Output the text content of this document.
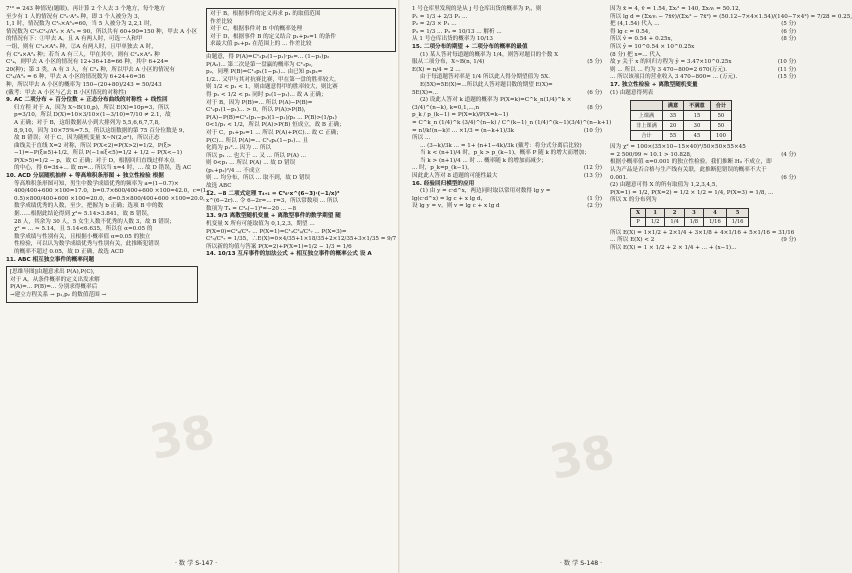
7¹⁰ = 243 种情况(题眼)，再计算 2 个人去 3 个地方，每个地方
至少有 1 人的情况有 C²₅·A³₃ 种，即 3 个人被分为 3,
1,1 时，情况数为 C³₅×A³₃=60，当 5 人被分为 2,2,1 时，
情况数为 C²₅C²₃/A²₂ × A³₃ = 90，所以共有 60+90=150 种，甲去 A 小区
的情况有下：①甲去 A，且 A 有两人时，可选一人和甲
一组，则有 C¹₄×A³₃ 种，②A 有两人时，且甲单独去 A 时，
有 C²₄×A²₂ 种；若当 A 有三人，甲在其中，则有 C²₄×A²₂ 种
C¹₄，则甲去 A 小区的情况有 12+36+18=66 种，其中 6+24=
20(种)；第 3 类，A 有 3 人，有 C²₄ 种，所以甲去 A 小区的情况有
C²₄/A³₃ = 6 种，甲去 A 小区的情况数为 6+24+6=36
种，所以甲去 A 小区的概率为 150−(20+80)/243 = 50/243
(戴考：甲去 A 小区与乙去 B 小区情况的对称性)
9. AC 二项分布 + 百分位数 + 正态分布曲线的对称性 + 线性回
归方程 对于 A，因为 X~B(10,p)，所以 E(X)=10p=3，所以
p=3/10，所以 D(X)=10×3/10×(1−3/10)=7/10 ≠ 2.1，故
A 正确；对于 B，这组数据从小到大排列为 5,5,6,6,7,7,8,
8,9,10，因为 10×75%=7.5，所以这组数据的第 75 百分位数是 9，
故 B 错误；对于 C，因为随机变量 X~N(2,σ²)，所以正态
曲线关于直线 X=2 对称，所以 P(X<2)=P(X>2)=1/2，P(ξ>
−1)=−P(ξ≥5)+1/2，所以 P(−1≤ξ<5)=1/2 + 1/2 − P(X<−1)
P(X>5)=1/2 − p，故 C 正确；对于 D，根据回归直线过样本点
的中心，得 6=3x̄+... 故 m=... 所以当 x=4 时，... 故 D 错误，选 AC
10. ACD 分层随机抽样 + 等高堆积条形图 + 独立性检验 根据
等高堆积条形图可知，男生中数学成绩优秀的频率为 a=(1−0.7)×
400/400+600 ×100=17.0，b=0.7×600/400+600 ×100=42.0，c=(1−
0.5)×800/400+600 ×100=20.0，d=0.5×800/400+600 ×100=20.0，
数学成绩优秀的人数，至少，把握为 b 正确；选项 B 中的数
据……根据此结论得到 χ²≈ 5.14>3.841，故 B 错误，
28 人，其余为 30 人，5 女生人数不优秀的人数 3，故 B 错误；
χ² = ... ≈ 5.14，且 5.14<6.635，所以在 α=0.05 的
数学成绩与性别有关，且根据小概率值 α=0.05 的独立
性检验，可以认为数学成绩优秀与性别有关，此推断犯错误
的概率不超过 0.05，故 D 正确，故选 ACD
11. ABC 相互独立事件的概率问题
[思维导图]由题意求出 P(A),P(C),
对于 A，从条件概率的定义出发求解
P(A)=... P(B)=... 分别求得概率后
→建立方程关系 → p₁,p₂ 的数值范围 →
对于 B，根据事件的定义再求 p₁ 的取值范围
作差比较
对于 C，根据事件对 B 中的概率处理
对于 D，根据事件 B 的定义结合 p₁+p₂=1 的条件
求最大值 p₁+p₂ 在范围上的 ... 作差比较
由题意，得 P(A)=C¹₂p₁(1−p₁)·p₂=... (1−p₁)p₂
P(A₂)... 第二次是第一盘赢的概率为 C¹₂p₂,
p₂，同理 P(B)=C¹₂p₁(1−p₁)... 由已知 p₁p₂=
1/2... 又甲与其对抗赛比赛，甲在第一盘的胜率较大。
则 1/2 < p₁ < 1，则由题意得甲的胜率较大，则比赛
得 p₁ < 1/2 < p₂ 同时 p₁(1−p₁)... 故 A 正确；
对于 B，因为 P(B)=... 所以 P(A)−P(B)=
C¹₂p₁(1−p₁)... > 0，所以 P(A)>P(B)，
P(A)−P(B)=C¹₂(p₁−p₂)(1−p₁)/p₂ ... P(B)>(1/p₁)
0<1/p₁ < 1/2，所以 P(A)>P(B) 恒成立，故 B 正确；
对于 C，p₁+p₂=1 ... 所以 P(A)+P(C)... 故 C 正确；
P(C)... 所以 P(A)=... C¹₂p₁(1−p₁)... 且
化简为 p₁²... 因为 ... 所以
所以 p₁ ... 也大于 ... 又 ... 所以 P(A) ...
则 0<p₁ ... 所以 P(A) ... 故 D 错误
(p₁+p₂)²/4 ... 不成立
则 ... 均分布，所以 ... 取不到，故 D 错误
故选 ABC
12. −8 二项式定理 T₄₊₁ = C³₆·x^(6−3)·(−1/x)³
x^(6−2r)... 令 6−2r=... r=3，所以常数项 ... 所以
数项为 T₄ = C³₆(−1)³=−20 ... −8
13. 9/3 离散型随机变量 + 离散型事件的数学期望 随
机变量 X 所有可能取值为 0,1,2,3，期望 ...
P(X=0)=C²₄/C³₇ ... P(X=1)=C¹₃C²₄/C³₇ ... P(X=3)=
C³₃/C³₇ = 1/35，∴E(X)=0×4/35+1×18/35+2×12/35+3×1/35 = 9/7
所以新的均值与答案 P(X=2)+P(X=1)=1/2 − 1/3 = 1/6
14. 10/13 互斥事件的加法公式 + 相互独立事件的概率公式 设 A
38
· 数 学 S-147 ·
1 号仓库里发现的是从 j 号仓库出货的概率为 Pⱼ，则
P₁ = 1/3 + 2/3 P₁ ...
P₂ = 2/3 × P₁ ...
P₃ = 1/3 ... P₃ = 10/13 ... 解析 ...
从 1 号仓库出货的概率为 10/13
15. 二项分布的期望 + 二项分布的概率的最值
(1) 某人答对每道题的概率为 1/4，则答对题目的个数 X
服从二项分布，X~B(n, 1/4)	(5 分)
E(X) = n/4 = 2 ...
由于每道题答对率是 1/4 所以此人得分期望值为 5X.
E(5X)=5E(X)=...所以此人答对题目数的期望 E(X)=
5E(X)=...	(6 分)
(2) 设此人答对 k 道题的概率为 P(X=k)=C^k_n(1/4)^k ×
(3/4)^(n−k), k=0,1,...,n	(8 分)
p_k / p_(k−1) = P(X=k)/P(X=k−1)
= C^k_n (1/4)^k (3/4)^(n−k) / C^(k−1)_n (1/4)^(k−1)(3/4)^(n−k+1)
(10 分)
= n!/k!(n−k)! ... ×1/3 = (n−k+1)/3k
所以 ...
... (3−k)/3k ... = 1+ (n+1−4k)/3k (戴考：将分式分离后比较)
当 k < (n+1)/4 时，p_k > p_(k−1)，概率 P 随 k 的增大而增加；
当 k > (n+1)/4 ... 时 ... 概率随 k 的增加而减少；
... 时，p_k=p_(k−1)，	(12 分)
因此此人答对 8 道题的可能性最大	(13 分)
16. 经验回归模型的应用
(1) 由 y = c·d^x，两边同时取以常用对数得 lg y =
lg(c·d^x) = lg c + x lg d，	(1 分)
设 lg y = v，则 v = lg c + x lg d	(2 分)
因为 x̄ = 4, v̄ = 1.54, Σxᵢ² = 140, Σxᵢvᵢ = 50.12,
所以 lg d = (Σxᵢvᵢ − 7x̄v̄)/(Σxᵢ² − 7x̄²) = (50.12−7×4×1.54)/(140−7×4²) = 7/28 = 0.25,
(5 分)
把 (4,1.54) 代入 ...
得 lg c = 0.54,	(6 分)
所以 v̂ = 0.54 + 0.25x,	(8 分)
所以 ŷ = 10^0.54 × 10^0.25x
(8 分) 把 x=... 代入
故 y 关于 x 的回归方程为 ŷ = 3.47×10^0.25x	(10 分)
则 ... 所以 ... 约为 3 470−800=2 670(万元).	(11 分)
... 所以该项目的营业收入 3 470−800= ... (万元).	(15 分)
17. 独立性检验 + 离散型随机变量
(1) 由题意得列表
	满意	不满意	合计
上课满	35	15	50
非上课满	20	30	50
合计	55	45	100
因为 χ² = 100×(35×10−15×40)²/50×50×55×45
= 2 500/99 ≈ 10.1 > 10.828,	(4 分)
根据小概率值 α=0.001 的独立性检验，我们推断 H₀ 不成立，即
认为产品是否合格与生产线有关联，此推断犯错误的概率不大于
0.001.	(6 分)
(2) 由题意可得 X 的所有取值为 1,2,3,4,5,
P(X=1) = 1/2, P(X=2) = 1/2 × 1/2 = 1/4, P(X=3) = 1/8, ...
所以 X 的分布列为
X	1	2	3	4	5
P	1/2	1/4	1/8	1/16	1/16
所以 E(X) = 1×1/2 + 2×1/4 + 3×1/8 + 4×1/16 + 5×1/16 = 31/16
... 所以 E(X) < 2	(9 分)
所以 E(X) = 1 × 1/2 + 2 × 1/4 + ... + (x−1)...
38
· 数 学 S-148 ·
